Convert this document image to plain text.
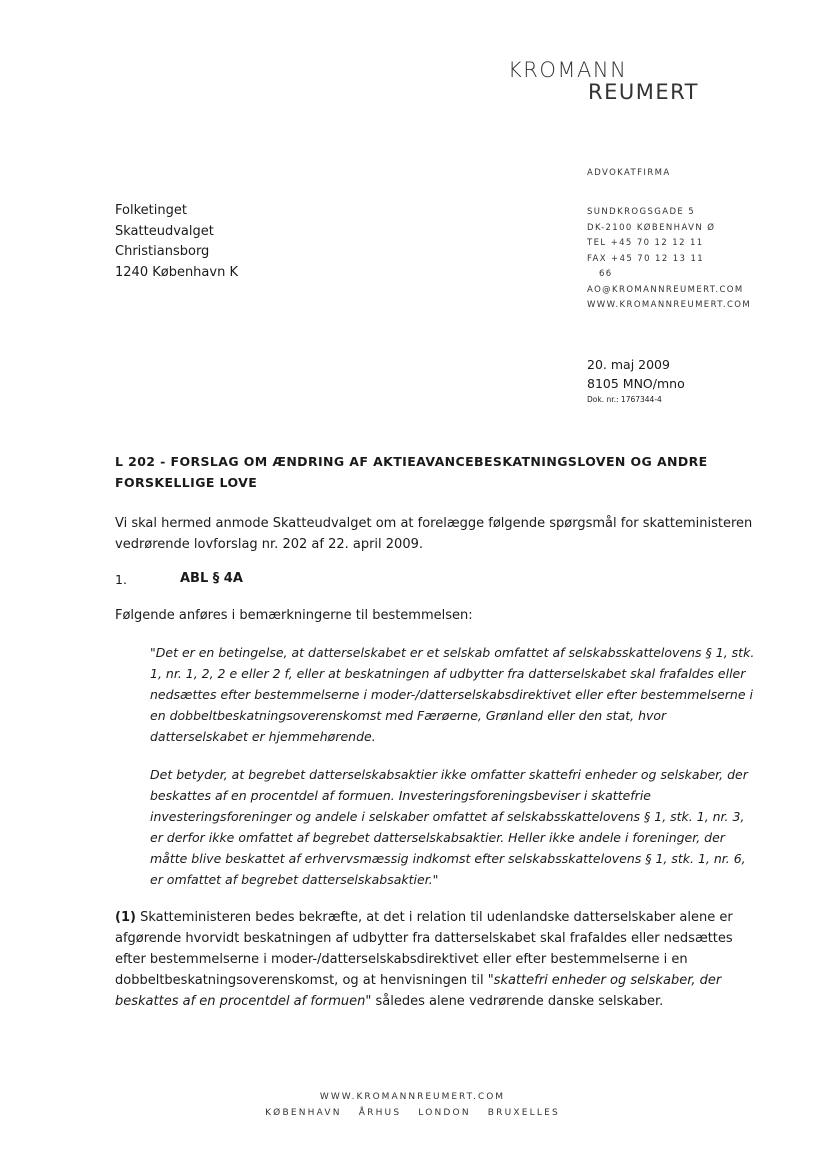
KROMANN
REUMERT
ADVOKATFIRMA
SUNDKROGSGADE 5
DK-2100 KØBENHAVN Ø
TEL +45 70 12 12 11
FAX +45 70 12 13 11
66
AO@KROMANNREUMERT.COM
WWW.KROMANNREUMERT.COM
Folketinget
Skatteudvalget
Christiansborg
1240 København K
20. maj 2009
8105 MNO/mno
Dok. nr.: 1767344-4
L 202 - FORSLAG OM ÆNDRING AF AKTIEAVANCEBESKATNINGSLOVEN OG ANDRE FORSKELLIGE LOVE

Vi skal hermed anmode Skatteudvalget om at forelægge følgende spørgsmål for skatteministeren vedrørende lovforslag nr. 202 af 22. april 2009.

1.	ABL § 4A

Følgende anføres i bemærkningerne til bestemmelsen:

"Det er en betingelse, at datterselskabet er et selskab omfattet af selskabsskattelovens § 1, stk. 1, nr. 1, 2, 2 e eller 2 f, eller at beskatningen af udbytter fra datterselskabet skal frafaldes eller nedsættes efter bestemmelserne i moder-/datterselskabsdirektivet eller efter bestemmelserne i en dobbeltbeskatningsoverenskomst med Færøerne, Grønland eller den stat, hvor datterselskabet er hjemmehørende.

Det betyder, at begrebet datterselskabsaktier ikke omfatter skattefri enheder og selskaber, der beskattes af en procentdel af formuen. Investeringsforeningsbeviser i skattefrie investeringsforeninger og andele i selskaber omfattet af selskabsskattelovens § 1, stk. 1, nr. 3, er derfor ikke omfattet af begrebet datterselskabsaktier. Heller ikke andele i foreninger, der måtte blive beskattet af erhvervsmæssig indkomst efter selskabsskattelovens § 1, stk. 1, nr. 6, er omfattet af begrebet datterselskabsaktier."

(1) Skatteministeren bedes bekræfte, at det i relation til udenlandske datterselskaber alene er afgørende hvorvidt beskatningen af udbytter fra datterselskabet skal frafaldes eller nedsættes efter bestemmelserne i moder-/datterselskabsdirektivet eller efter bestemmelserne i en dobbeltbeskatningsoverenskomst, og at henvisningen til "skattefri enheder og selskaber, der beskattes af en procentdel af formuen" således alene vedrørende danske selskaber.

WWW.KROMANNREUMERT.COM
KØBENHAVN ÅRHUS LONDON BRUXELLES
